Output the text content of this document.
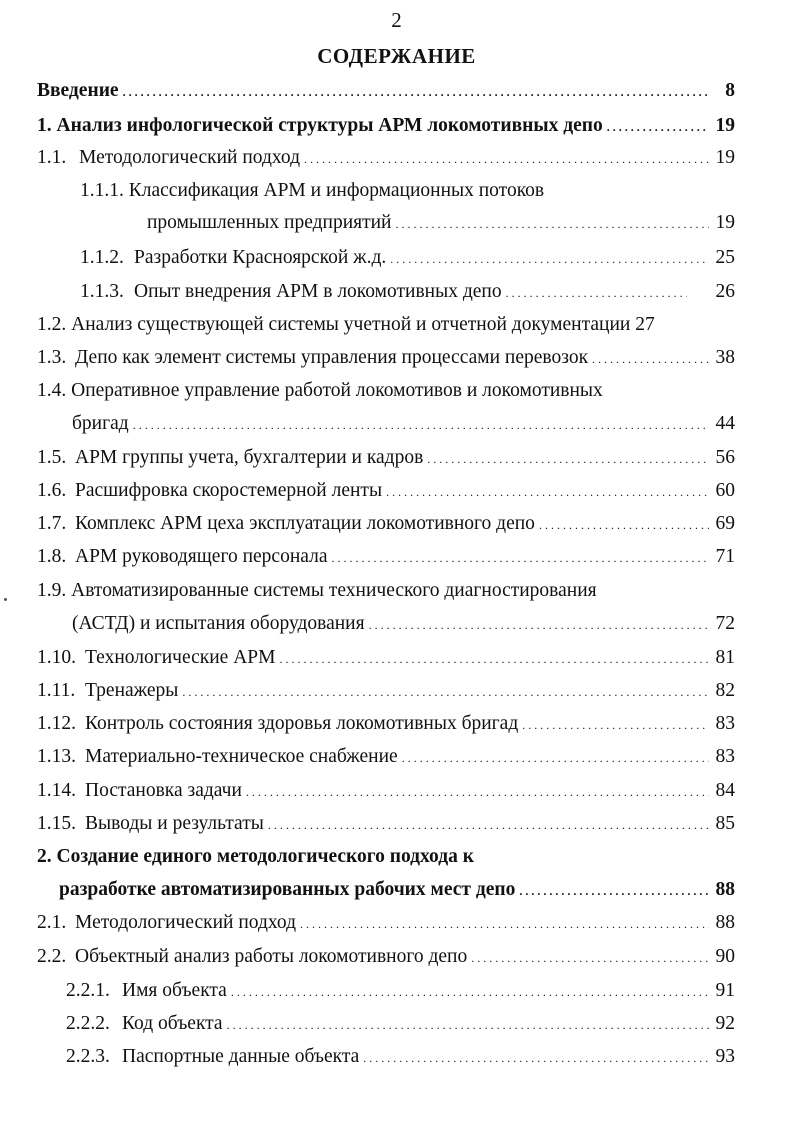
2
СОДЕРЖАНИЕ
Введение . . .	8
1.
Анализ инфологической структуры АРМ локомотивных депо . . .	19
1.1. Методологический подход . . .	19
1.1.1. Классификация АРМ и информационных потоков
промышленных предприятий . . .	19
1.1.2. Разработки Красноярской ж.д. . . .	25
1.1.3. Опыт внедрения АРМ в локомотивных депо . . .	26
1.2. Анализ существующей системы учетной и отчетной документации 27
1.3. Депо как элемент системы управления процессами перевозок . . .	38
1.4. Оперативное управление работой локомотивов и локомотивных
бригад . . .	44
1.5. АРМ группы учета, бухгалтерии и кадров . . .	56
1.6. Расшифровка скоростемерной ленты . . .	60
1.7. Комплекс АРМ цеха эксплуатации локомотивного депо . . .	69
1.8. АРМ руководящего персонала . . .	71
1.9. Автоматизированные системы технического диагностирования
(АСТД) и испытания оборудования . . .	72
1.10. Технологические АРМ . . .	81
1.11. Тренажеры . . .	82
1.12. Контроль состояния здоровья локомотивных бригад . . .	83
1.13. Материально-техническое снабжение . . .	83
1.14. Постановка задачи . . .	84
1.15. Выводы и результаты . . .	85
2. Создание единого методологического подхода к
разработке автоматизированных рабочих мест депо . . .	88
2.1. Методологический подход . . .	88
2.2. Объектный анализ работы локомотивного депо . . .	90
2.2.1. Имя объекта . . .	91
2.2.2. Код объекта . . .	92
2.2.3. Паспортные данные объекта . . .	93
